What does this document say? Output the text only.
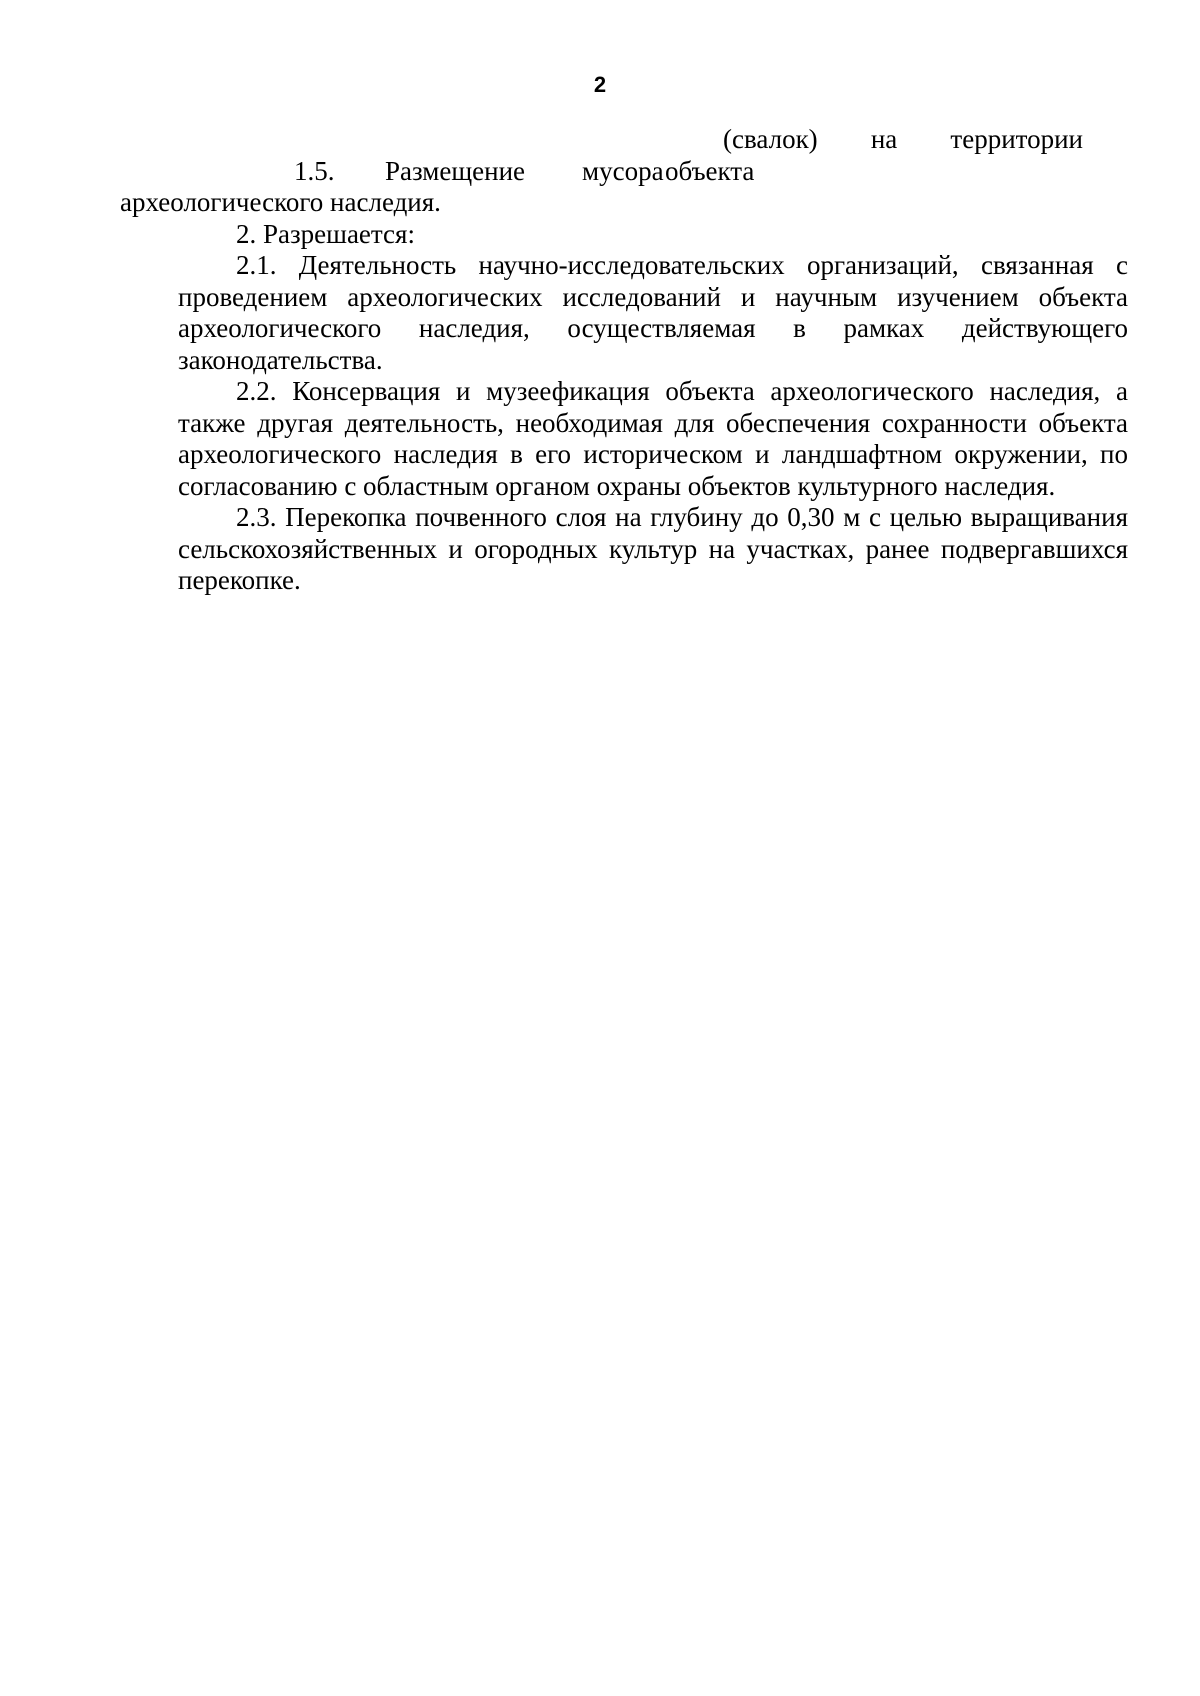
2

1.5. Размещение мусора(свалок) на территории объекта
археологического наследия.

2. Разрешается:

2.1. Деятельность научно-исследовательских организаций, связанная с проведением археологических исследований и научным изучением объекта археологического наследия, осуществляемая в рамках действующего законодательства.

2.2. Консервация и музеефикация объекта археологического наследия, а также другая деятельность, необходимая для обеспечения сохранности объекта археологического наследия в его историческом и ландшафтном окружении, по согласованию с областным органом охраны объектов культурного наследия.

2.3. Перекопка почвенного слоя на глубину до 0,30 м с целью выращивания сельскохозяйственных и огородных культур на участках, ранее подвергавшихся перекопке.
